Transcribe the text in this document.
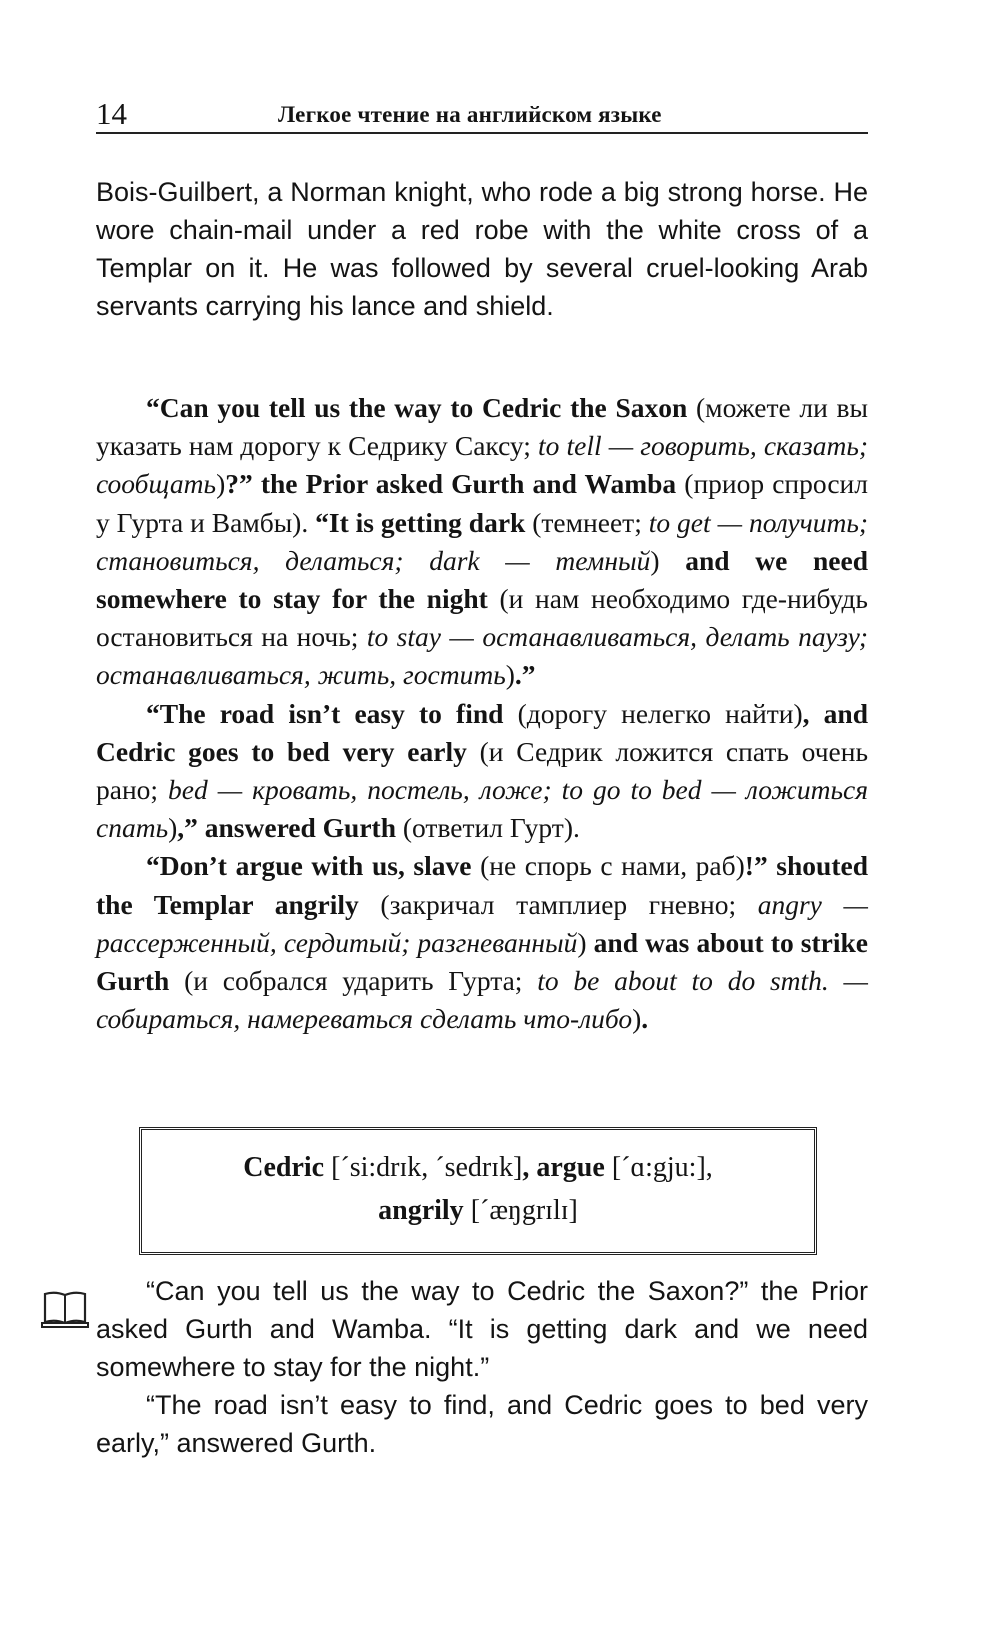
14	Легкое чтение на английском языке

Bois-Guilbert, a Norman knight, who rode a big strong horse. He wore chain-mail under a red robe with the white cross of a Templar on it. He was followed by several cruel-looking Arab servants carrying his lance and shield.

“Can you tell us the way to Cedric the Saxon (можете ли вы указать нам дорогу к Седрику Саксу; to tell — говорить, сказать; сообщать)?” the Prior asked Gurth and Wamba (приор спросил у Гурта и Вамбы). “It is getting dark (темнеет; to get — получить; становиться, делаться; dark — темный) and we need somewhere to stay for the night (и нам необходимо где-нибудь остановиться на ночь; to stay — останавливаться, делать паузу; останавливаться, жить, гостить).”

“The road isn’t easy to find (дорогу нелегко найти), and Cedric goes to bed very early (и Седрик ложится спать очень рано; bed — кровать, постель, ложе; to go to bed — ложиться спать),” answered Gurth (ответил Гурт).

“Don’t argue with us, slave (не спорь с нами, раб)!” shouted the Templar angrily (закричал тамплиер гневно; angry — рассерженный, сердитый; разгневанный) and was about to strike Gurth (и собрался ударить Гурта; to be about to do smth. — собираться, намереваться сделать что-либо).

Cedric [ˊsi:drɪk, ˊsedrɪk], argue [ˊɑ:gju:],
angrily [ˊæŋgrɪlɪ]

“Can you tell us the way to Cedric the Saxon?” the Prior asked Gurth and Wamba. “It is getting dark and we need somewhere to stay for the night.”

“The road isn’t easy to find, and Cedric goes to bed very early,” answered Gurth.
